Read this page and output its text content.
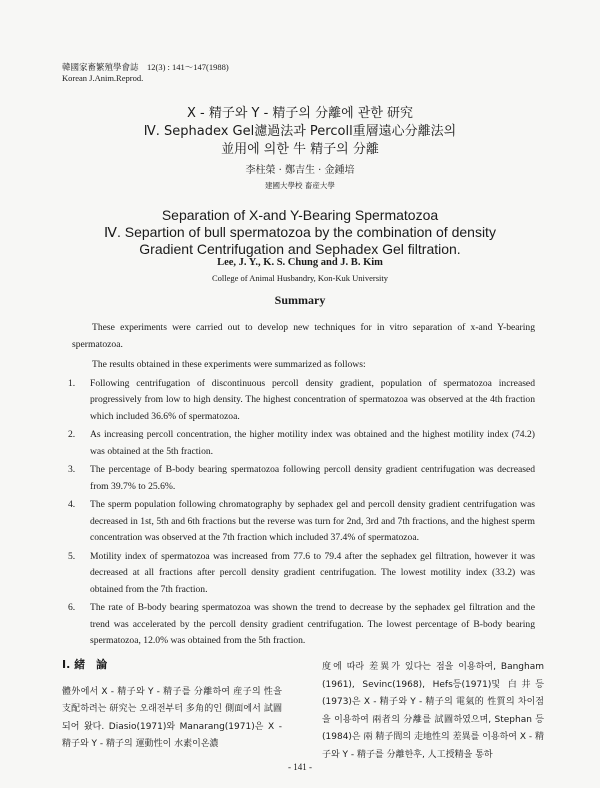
韓國家畜繁殖學會誌　12(3) : 141～147(1988)
Korean J.Anim.Reprod.
X - 精子와 Y - 精子의 分離에 관한 研究
Ⅳ. Sephadex Gel濾過法과 Percoll重層遠心分離法의
並用에 의한 牛 精子의 分離
李柱榮 · 鄭吉生 · 金鍾培
建國大學校 畜産大學
Separation of X-and Y-Bearing Spermatozoa
Ⅳ. Separtion of bull spermatozoa by the combination of density
Gradient Centrifugation and Sephadex Gel filtration.
Lee, J. Y., K. S. Chung and J. B. Kim
College of Animal Husbandry, Kon-Kuk University
Summary

These experiments were carried out to develop new techniques for in vitro separation of x-and Y-bearing spermatozoa.

The results obtained in these experiments were summarized as follows:

1. Following centrifugation of discontinuous percoll density gradient, population of spermatozoa increased progressively from low to high density. The highest concentration of spermatozoa was observed at the 4th fraction which included 36.6% of spermatozoa.
2. As increasing percoll concentration, the higher motility index was obtained and the highest motility index (74.2) was obtained at the 5th fraction.
3. The percentage of B-body bearing spermatozoa following percoll density gradient centrifugation was decreased from 39.7% to 25.6%.
4. The sperm population following chromatography by sephadex gel and percoll density gradient centrifugation was decreased in 1st, 5th and 6th fractions but the reverse was turn for 2nd, 3rd and 7th fractions, and the highest sperm concentration was observed at the 7th fraction which included 37.4% of spermatozoa.
5. Motility index of spermatozoa was increased from 77.6 to 79.4 after the sephadex gel filtration, however it was decreased at all fractions after percoll density gradient centrifugation. The lowest motility index (33.2) was obtained from the 7th fraction.
6. The rate of B-body bearing spermatozoa was shown the trend to decrease by the sephadex gel filtration and the trend was accelerated by the percoll density gradient centrifugation. The lowest percentage of B-body bearing spermatozoa, 12.0% was obtained from the 5th fraction.
Ⅰ. 緒　論
體外에서 X - 精子와 Y - 精子를 分離하여 産子의 性을 支配하려는 研究는 오래전부터 多角的인 側面에서 試圖되어 왔다. Diasio(1971)와 Manarang(1971)은 X - 精子와 Y - 精子의 運動性이 水素이온濃
度에 따라 差異가 있다는 점을 이용하여, Bangham (1961), Sevinc(1968), Hefs등(1971)및 白井등 (1973)은 X - 精子와 Y - 精子의 電氣的 性質의 차이점을 이용하여 兩者의 分離를 試圖하였으며, Stephan 등(1984)은 兩 精子間의 走地性의 差異를 이용하여 X - 精子와 Y - 精子를 分離한후, 人工授精을 통하
- 141 -
